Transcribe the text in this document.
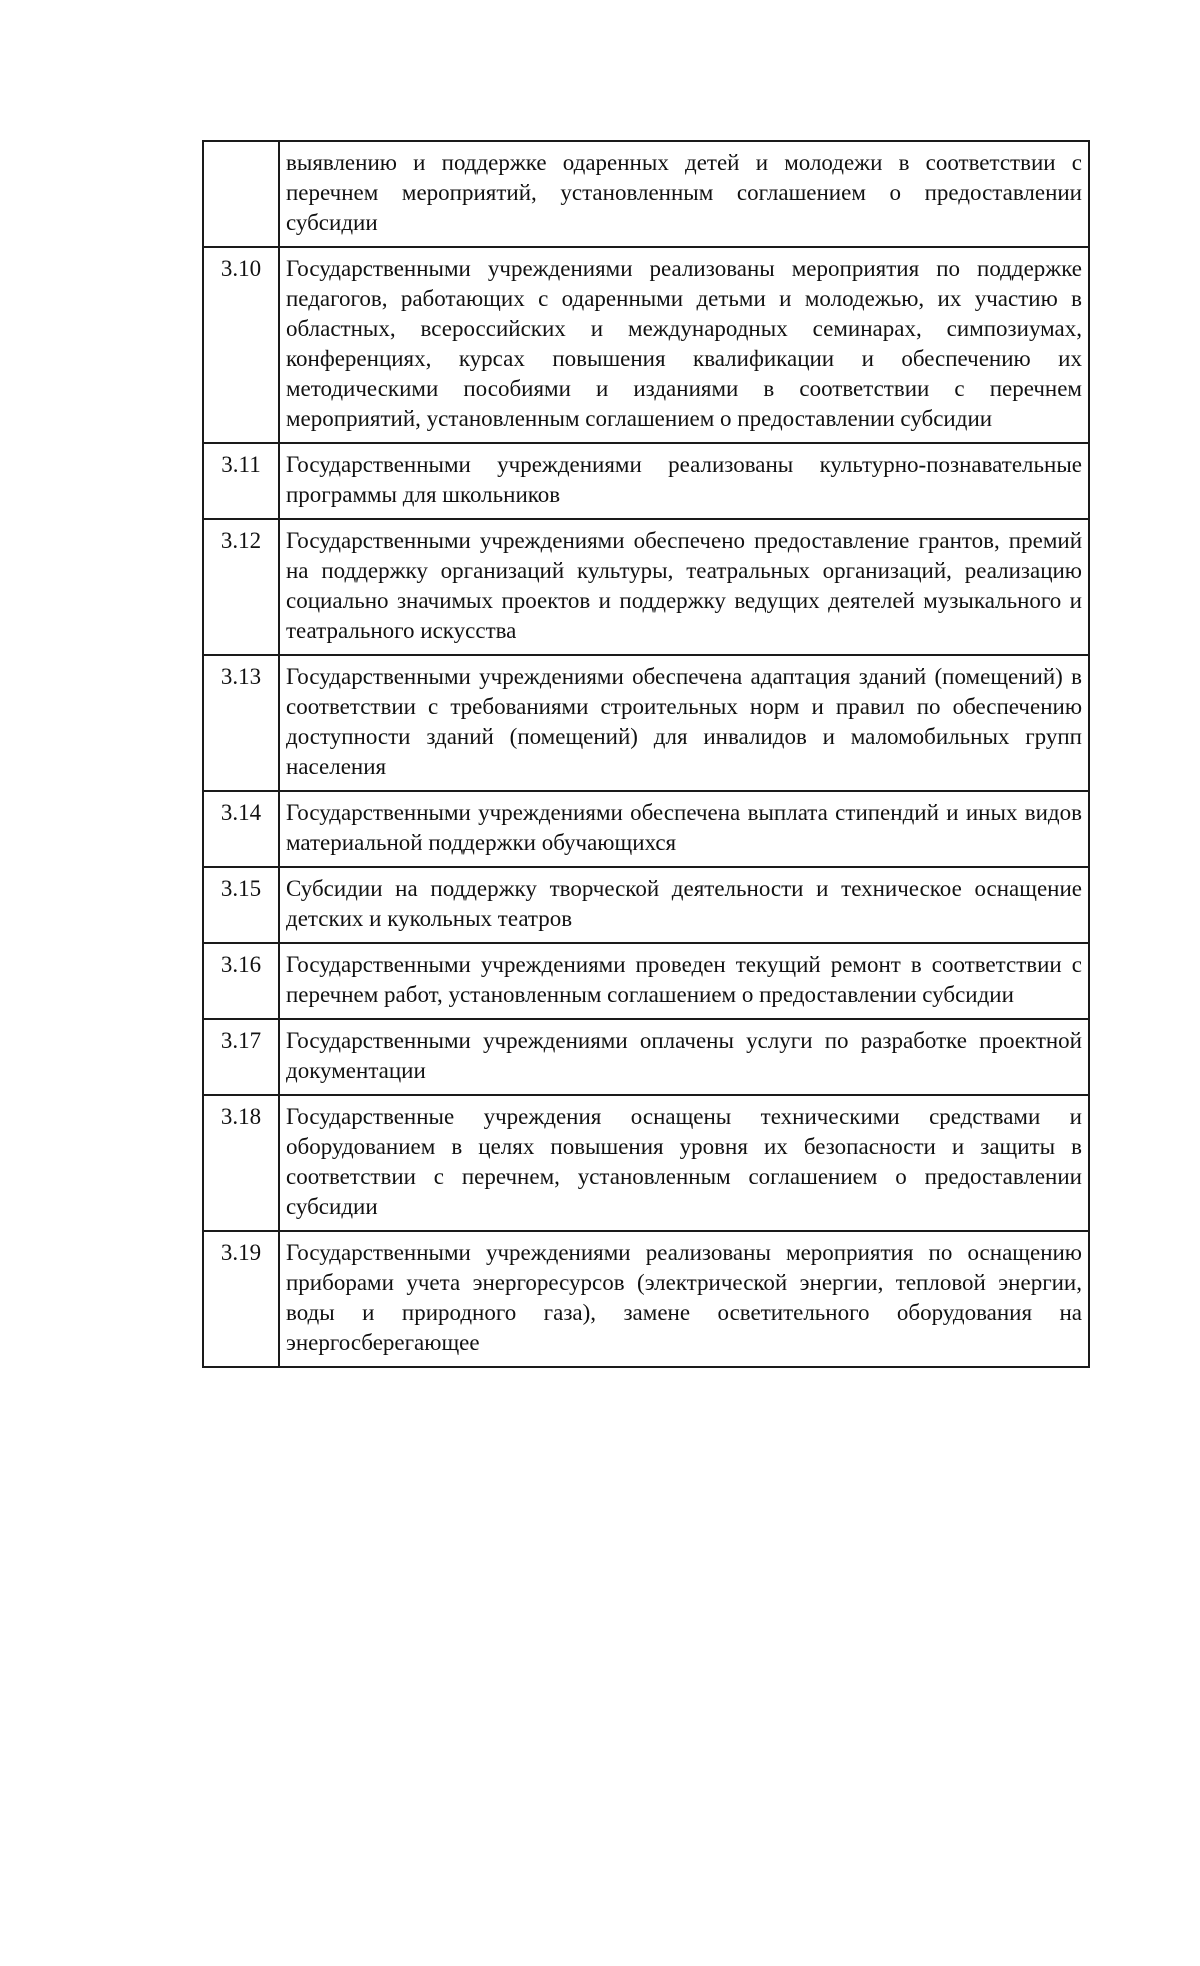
	выявлению и поддержке одаренных детей и молодежи в соответствии с перечнем мероприятий, установленным соглашением о предоставлении субсидии
3.10	Государственными учреждениями реализованы мероприятия по поддержке педагогов, работающих с одаренными детьми и молодежью, их участию в областных, всероссийских и международных семинарах, симпозиумах, конференциях, курсах повышения квалификации и обеспечению их методическими пособиями и изданиями в соответствии с перечнем мероприятий, установленным соглашением о предоставлении субсидии
3.11	Государственными учреждениями реализованы культурно-познавательные программы для школьников
3.12	Государственными учреждениями обеспечено предоставление грантов, премий на поддержку организаций культуры, театральных организаций, реализацию социально значимых проектов и поддержку ведущих деятелей музыкального и театрального искусства
3.13	Государственными учреждениями обеспечена адаптация зданий (помещений) в соответствии с требованиями строительных норм и правил по обеспечению доступности зданий (помещений) для инвалидов и маломобильных групп населения
3.14	Государственными учреждениями обеспечена выплата стипендий и иных видов материальной поддержки обучающихся
3.15	Субсидии на поддержку творческой деятельности и техническое оснащение детских и кукольных театров
3.16	Государственными учреждениями проведен текущий ремонт в соответствии с перечнем работ, установленным соглашением о предоставлении субсидии
3.17	Государственными учреждениями оплачены услуги по разработке проектной документации
3.18	Государственные учреждения оснащены техническими средствами и оборудованием в целях повышения уровня их безопасности и защиты в соответствии с перечнем, установленным соглашением о предоставлении субсидии
3.19	Государственными учреждениями реализованы мероприятия по оснащению приборами учета энергоресурсов (электрической энергии, тепловой энергии, воды и природного газа), замене осветительного оборудования на энергосберегающее
